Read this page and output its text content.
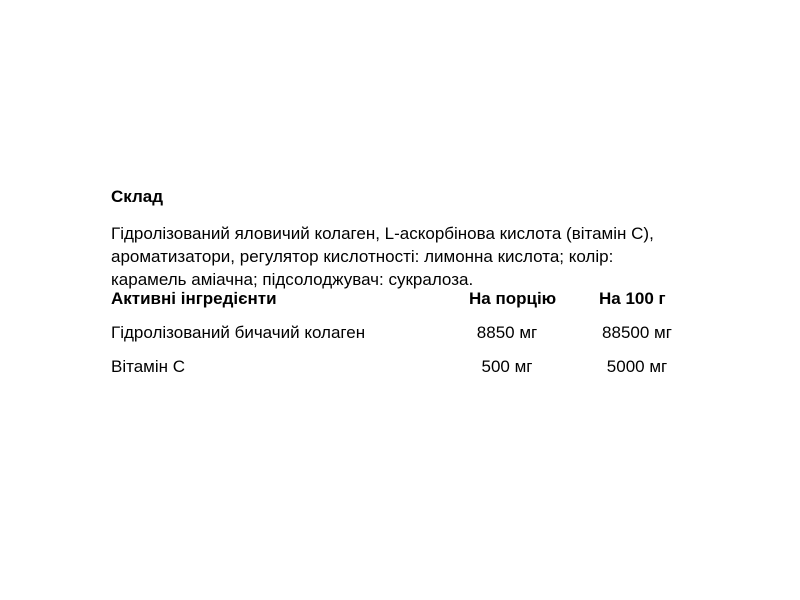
Склад

Гідролізований яловичий колаген, L-аскорбінова кислота (вітамін С), ароматизатори, регулятор кислотності: лимонна кислота; колір: карамель аміачна; підсолоджувач: сукралоза.

Активні інгредієнти	На порцію	На 100 г
Гідролізований бичачий колаген	8850 мг	88500 мг
Вітамін С	500 мг	5000 мг
